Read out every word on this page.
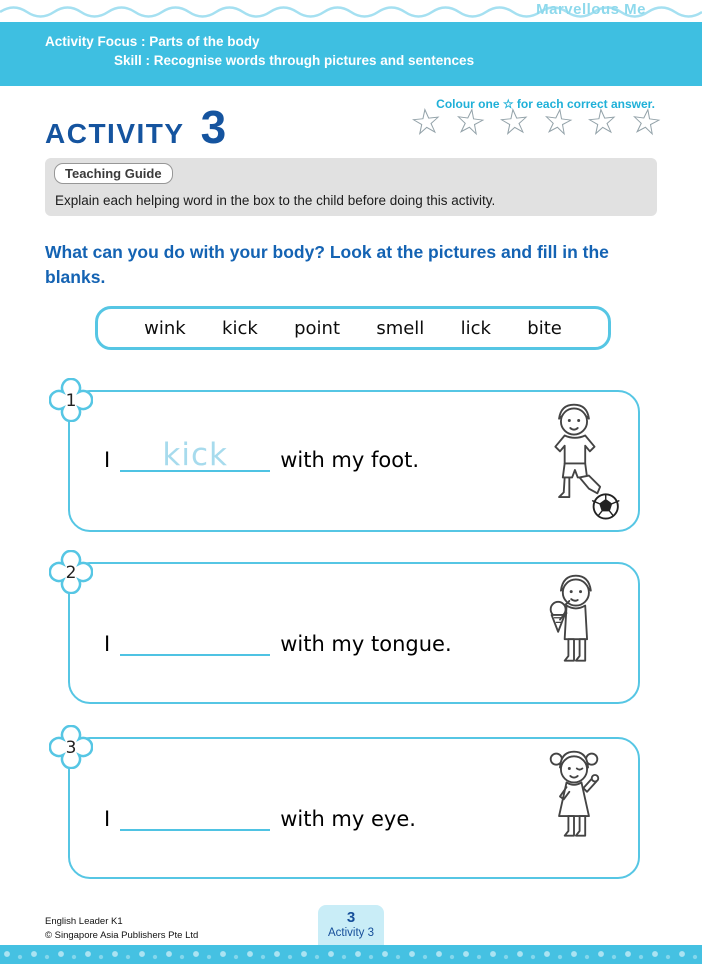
Marvellous Me
Activity Focus : Parts of the body
Skill : Recognise words through pictures and sentences
ACTIVITY 3	Colour one ☆ for each correct answer.
☆ ☆ ☆ ☆ ☆ ☆
Teaching Guide
Explain each helping word in the box to the child before doing this activity.
What can you do with your body? Look at the pictures and fill in the blanks.
wink kick point smell lick bite
1
I	kick	with my foot.
2
I	with my tongue.
3
I	with my eye.
English Leader K1
© Singapore Asia Publishers Pte Ltd
3
Activity 3
